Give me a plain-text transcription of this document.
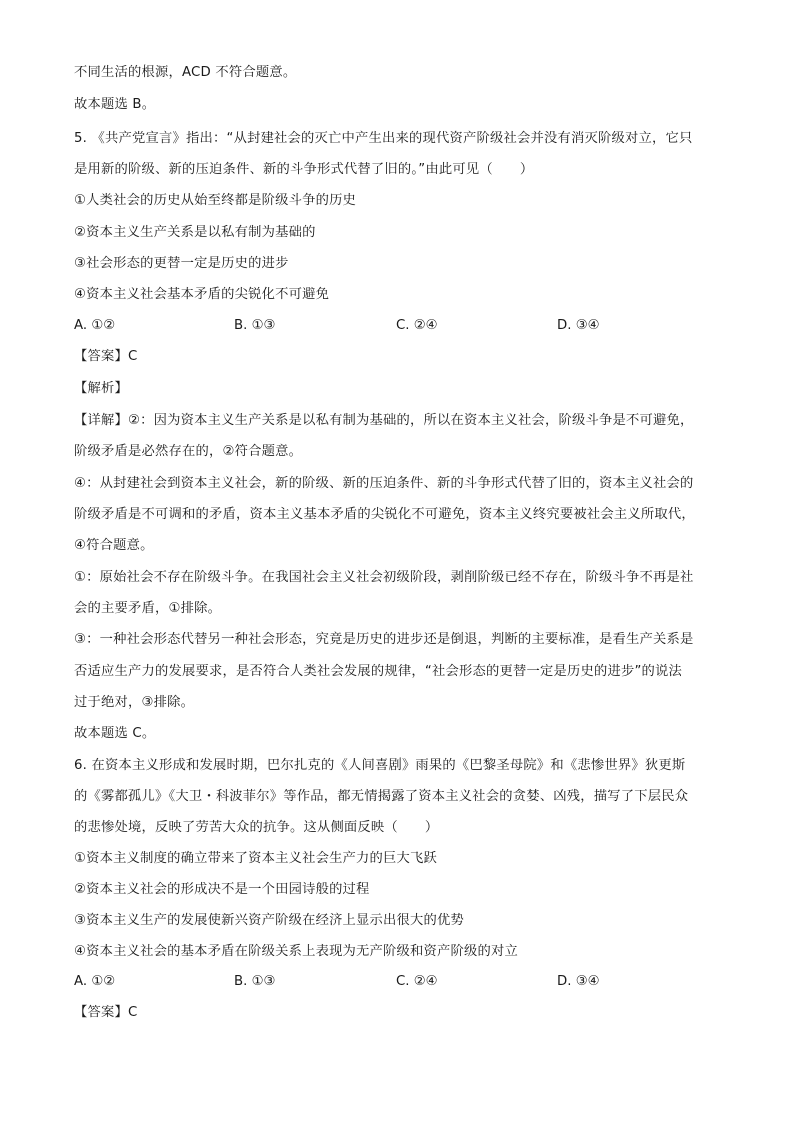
不同生活的根源，ACD 不符合题意。
故本题选 B。
5. 《共产党宣言》指出：“从封建社会的灭亡中产生出来的现代资产阶级社会并没有消灭阶级对立，它只
是用新的阶级、新的压迫条件、新的斗争形式代替了旧的。”由此可见（　　）
①人类社会的历史从始至终都是阶级斗争的历史
②资本主义生产关系是以私有制为基础的
③社会形态的更替一定是历史的进步
④资本主义社会基本矛盾的尖锐化不可避免
A. ①②	B. ①③	C. ②④	D. ③④
【答案】C
【解析】
【详解】②：因为资本主义生产关系是以私有制为基础的，所以在资本主义社会，阶级斗争是不可避免，
阶级矛盾是必然存在的，②符合题意。
④：从封建社会到资本主义社会，新的阶级、新的压迫条件、新的斗争形式代替了旧的，资本主义社会的
阶级矛盾是不可调和的矛盾，资本主义基本矛盾的尖锐化不可避免，资本主义终究要被社会主义所取代，
④符合题意。
①：原始社会不存在阶级斗争。在我国社会主义社会初级阶段，剥削阶级已经不存在，阶级斗争不再是社
会的主要矛盾，①排除。
③：一种社会形态代替另一种社会形态，究竟是历史的进步还是倒退，判断的主要标准，是看生产关系是
否适应生产力的发展要求，是否符合人类社会发展的规律，“社会形态的更替一定是历史的进步”的说法
过于绝对，③排除。
故本题选 C。
6. 在资本主义形成和发展时期，巴尔扎克的《人间喜剧》雨果的《巴黎圣母院》和《悲惨世界》狄更斯
的《雾都孤儿》《大卫・科波菲尔》等作品，都无情揭露了资本主义社会的贪婪、凶残，描写了下层民众
的悲惨处境，反映了劳苦大众的抗争。这从侧面反映（　　）
①资本主义制度的确立带来了资本主义社会生产力的巨大飞跃
②资本主义社会的形成决不是一个田园诗般的过程
③资本主义生产的发展使新兴资产阶级在经济上显示出很大的优势
④资本主义社会的基本矛盾在阶级关系上表现为无产阶级和资产阶级的对立
A. ①②	B. ①③	C. ②④	D. ③④
【答案】C
